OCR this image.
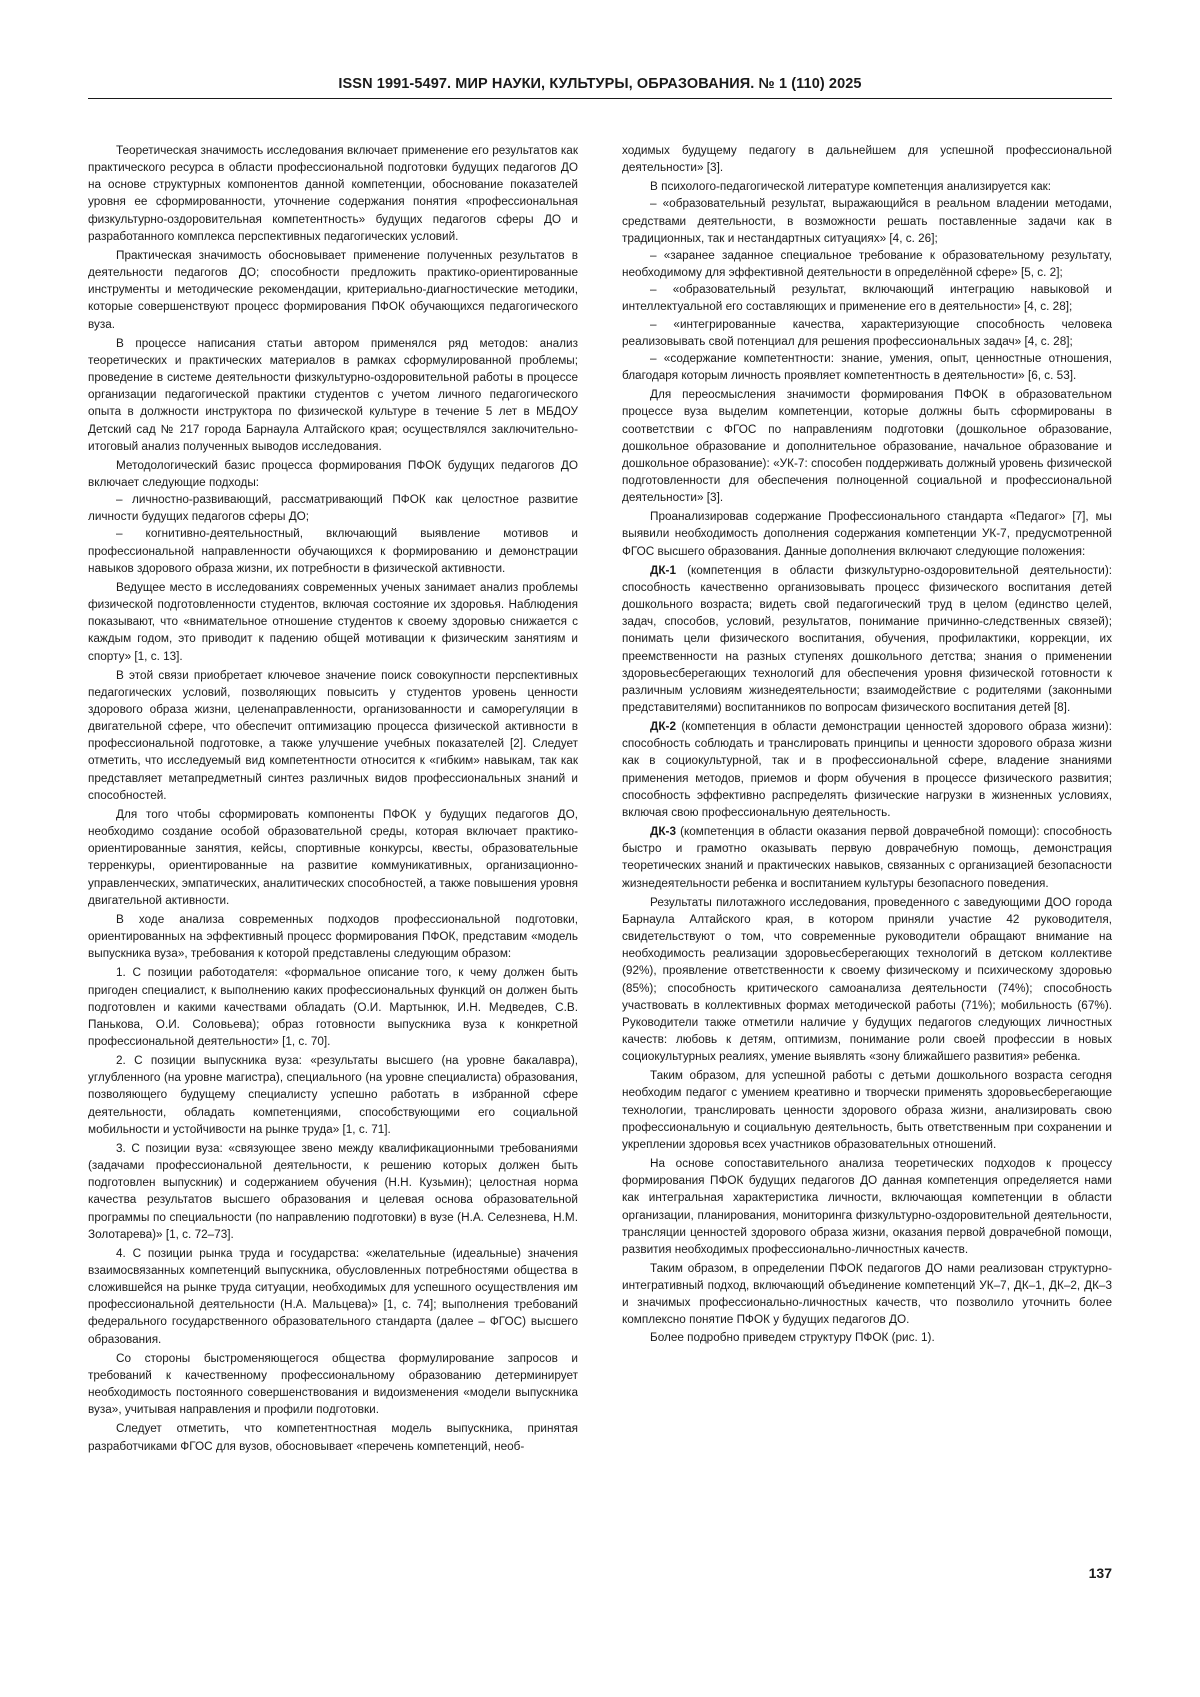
ISSN 1991-5497. МИР НАУКИ, КУЛЬТУРЫ, ОБРАЗОВАНИЯ. № 1 (110) 2025

Теоретическая значимость исследования включает применение его результатов как практического ресурса в области профессиональной подготовки будущих педагогов ДО на основе структурных компонентов данной компетенции, обоснование показателей уровня ее сформированности, уточнение содержания понятия «профессиональная физкультурно-оздоровительная компетентность» будущих педагогов сферы ДО и разработанного комплекса перспективных педагогических условий.

Практическая значимость обосновывает применение полученных результатов в деятельности педагогов ДО; способности предложить практико-ориентированные инструменты и методические рекомендации, критериально-диагностические методики, которые совершенствуют процесс формирования ПФОК обучающихся педагогического вуза.

В процессе написания статьи автором применялся ряд методов: анализ теоретических и практических материалов в рамках сформулированной проблемы; проведение в системе деятельности физкультурно-оздоровительной работы в процессе организации педагогической практики студентов с учетом личного педагогического опыта в должности инструктора по физической культуре в течение 5 лет в МБДОУ Детский сад № 217 города Барнаула Алтайского края; осуществлялся заключительно-итоговый анализ полученных выводов исследования.

Методологический базис процесса формирования ПФОК будущих педагогов ДО включает следующие подходы:

– личностно-развивающий, рассматривающий ПФОК как целостное развитие личности будущих педагогов сферы ДО;

– когнитивно-деятельностный, включающий выявление мотивов и профессиональной направленности обучающихся к формированию и демонстрации навыков здорового образа жизни, их потребности в физической активности.

Ведущее место в исследованиях современных ученых занимает анализ проблемы физической подготовленности студентов, включая состояние их здоровья. Наблюдения показывают, что «внимательное отношение студентов к своему здоровью снижается с каждым годом, это приводит к падению общей мотивации к физическим занятиям и спорту» [1, с. 13].

В этой связи приобретает ключевое значение поиск совокупности перспективных педагогических условий, позволяющих повысить у студентов уровень ценности здорового образа жизни, целенаправленности, организованности и саморегуляции в двигательной сфере, что обеспечит оптимизацию процесса физической активности в профессиональной подготовке, а также улучшение учебных показателей [2]. Следует отметить, что исследуемый вид компетентности относится к «гибким» навыкам, так как представляет метапредметный синтез различных видов профессиональных знаний и способностей.

Для того чтобы сформировать компоненты ПФОК у будущих педагогов ДО, необходимо создание особой образовательной среды, которая включает практико-ориентированные занятия, кейсы, спортивные конкурсы, квесты, образовательные терренкуры, ориентированные на развитие коммуникативных, организационно-управленческих, эмпатических, аналитических способностей, а также повышения уровня двигательной активности.

В ходе анализа современных подходов профессиональной подготовки, ориентированных на эффективный процесс формирования ПФОК, представим «модель выпускника вуза», требования к которой представлены следующим образом:

1. С позиции работодателя: «формальное описание того, к чему должен быть пригоден специалист, к выполнению каких профессиональных функций он должен быть подготовлен и какими качествами обладать (О.И. Мартынюк, И.Н. Медведев, С.В. Панькова, О.И. Соловьева); образ готовности выпускника вуза к конкретной профессиональной деятельности» [1, с. 70].

2. С позиции выпускника вуза: «результаты высшего (на уровне бакалавра), углубленного (на уровне магистра), специального (на уровне специалиста) образования, позволяющего будущему специалисту успешно работать в избранной сфере деятельности, обладать компетенциями, способствующими его социальной мобильности и устойчивости на рынке труда» [1, с. 71].

3. С позиции вуза: «связующее звено между квалификационными требованиями (задачами профессиональной деятельности, к решению которых должен быть подготовлен выпускник) и содержанием обучения (Н.Н. Кузьмин); целостная норма качества результатов высшего образования и целевая основа образовательной программы по специальности (по направлению подготовки) в вузе (Н.А. Селезнева, Н.М. Золотарева)» [1, с. 72–73].

4. С позиции рынка труда и государства: «желательные (идеальные) значения взаимосвязанных компетенций выпускника, обусловленных потребностями общества в сложившейся на рынке труда ситуации, необходимых для успешного осуществления им профессиональной деятельности (Н.А. Мальцева)» [1, с. 74]; выполнения требований федерального государственного образовательного стандарта (далее – ФГОС) высшего образования.

Со стороны быстроменяющегося общества формулирование запросов и требований к качественному профессиональному образованию детерминирует необходимость постоянного совершенствования и видоизменения «модели выпускника вуза», учитывая направления и профили подготовки.

Следует отметить, что компетентностная модель выпускника, принятая разработчиками ФГОС для вузов, обосновывает «перечень компетенций, необ-

ходимых будущему педагогу в дальнейшем для успешной профессиональной деятельности» [3].

В психолого-педагогической литературе компетенция анализируется как:

– «образовательный результат, выражающийся в реальном владении методами, средствами деятельности, в возможности решать поставленные задачи как в традиционных, так и нестандартных ситуациях» [4, с. 26];

– «заранее заданное специальное требование к образовательному результату, необходимому для эффективной деятельности в определённой сфере» [5, с. 2];

– «образовательный результат, включающий интеграцию навыковой и интеллектуальной его составляющих и применение его в деятельности» [4, с. 28];

– «интегрированные качества, характеризующие способность человека реализовывать свой потенциал для решения профессиональных задач» [4, с. 28];

– «содержание компетентности: знание, умения, опыт, ценностные отношения, благодаря которым личность проявляет компетентность в деятельности» [6, с. 53].

Для переосмысления значимости формирования ПФОК в образовательном процессе вуза выделим компетенции, которые должны быть сформированы в соответствии с ФГОС по направлениям подготовки (дошкольное образование, дошкольное образование и дополнительное образование, начальное образование и дошкольное образование): «УК-7: способен поддерживать должный уровень физической подготовленности для обеспечения полноценной социальной и профессиональной деятельности» [3].

Проанализировав содержание Профессионального стандарта «Педагог» [7], мы выявили необходимость дополнения содержания компетенции УК-7, предусмотренной ФГОС высшего образования. Данные дополнения включают следующие положения:

ДК-1 (компетенция в области физкультурно-оздоровительной деятельности): способность качественно организовывать процесс физического воспитания детей дошкольного возраста; видеть свой педагогический труд в целом (единство целей, задач, способов, условий, результатов, понимание причинно-следственных связей); понимать цели физического воспитания, обучения, профилактики, коррекции, их преемственности на разных ступенях дошкольного детства; знания о применении здоровьесберегающих технологий для обеспечения уровня физической готовности к различным условиям жизнедеятельности; взаимодействие с родителями (законными представителями) воспитанников по вопросам физического воспитания детей [8].

ДК-2 (компетенция в области демонстрации ценностей здорового образа жизни): способность соблюдать и транслировать принципы и ценности здорового образа жизни как в социокультурной, так и в профессиональной сфере, владение знаниями применения методов, приемов и форм обучения в процессе физического развития; способность эффективно распределять физические нагрузки в жизненных условиях, включая свою профессиональную деятельность.

ДК-3 (компетенция в области оказания первой доврачебной помощи): способность быстро и грамотно оказывать первую доврачебную помощь, демонстрация теоретических знаний и практических навыков, связанных с организацией безопасности жизнедеятельности ребенка и воспитанием культуры безопасного поведения.

Результаты пилотажного исследования, проведенного с заведующими ДОО города Барнаула Алтайского края, в котором приняли участие 42 руководителя, свидетельствуют о том, что современные руководители обращают внимание на необходимость реализации здоровьесберегающих технологий в детском коллективе (92%), проявление ответственности к своему физическому и психическому здоровью (85%); способность критического самоанализа деятельности (74%); способность участвовать в коллективных формах методической работы (71%); мобильность (67%). Руководители также отметили наличие у будущих педагогов следующих личностных качеств: любовь к детям, оптимизм, понимание роли своей профессии в новых социокультурных реалиях, умение выявлять «зону ближайшего развития» ребенка.

Таким образом, для успешной работы с детьми дошкольного возраста сегодня необходим педагог с умением креативно и творчески применять здоровьесберегающие технологии, транслировать ценности здорового образа жизни, анализировать свою профессиональную и социальную деятельность, быть ответственным при сохранении и укреплении здоровья всех участников образовательных отношений.

На основе сопоставительного анализа теоретических подходов к процессу формирования ПФОК будущих педагогов ДО данная компетенция определяется нами как интегральная характеристика личности, включающая компетенции в области организации, планирования, мониторинга физкультурно-оздоровительной деятельности, трансляции ценностей здорового образа жизни, оказания первой доврачебной помощи, развития необходимых профессионально-личностных качеств.

Таким образом, в определении ПФОК педагогов ДО нами реализован структурно-интегративный подход, включающий объединение компетенций УК–7, ДК–1, ДК–2, ДК–3 и значимых профессионально-личностных качеств, что позволило уточнить более комплексно понятие ПФОК у будущих педагогов ДО.

Более подробно приведем структуру ПФОК (рис. 1).

137
